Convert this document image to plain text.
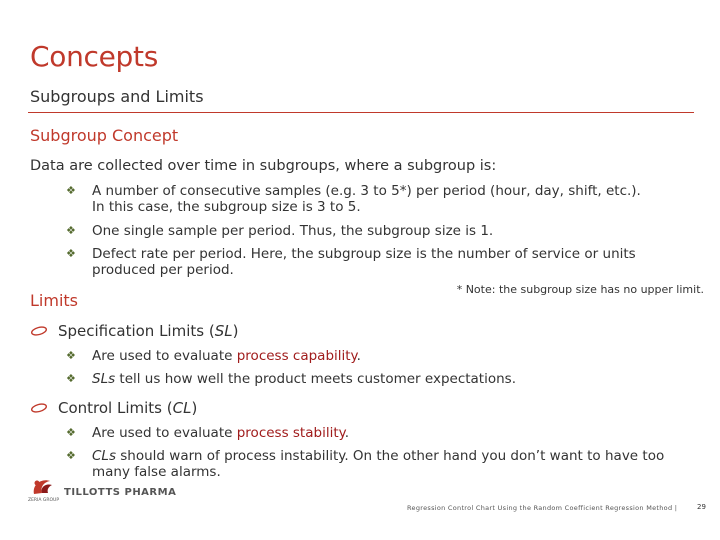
Concepts
Subgroups and Limits
Subgroup Concept
Data are collected over time in subgroups, where a subgroup is:
❖	A number of consecutive samples (e.g. 3 to 5*) per period (hour, day, shift, etc.).
In this case, the subgroup size is 3 to 5.
❖	One single sample per period. Thus, the subgroup size is 1.
❖	Defect rate per period. Here, the subgroup size is the number of service or units
produced per period.
* Note: the subgroup size has no upper limit.
Limits
Specification Limits ( SL )
❖	Are used to evaluate process capability.
❖	SLs tell us how well the product meets customer expectations.
Control Limits ( CL )
❖	Are used to evaluate process stability.
❖	CLs should warn of process instability. On the other hand you don’t want to have too
many false alarms.
ZERIA GROUP
TILLOTTS PHARMA
Regression Control Chart Using the Random Coefficient Regression Method |	29
